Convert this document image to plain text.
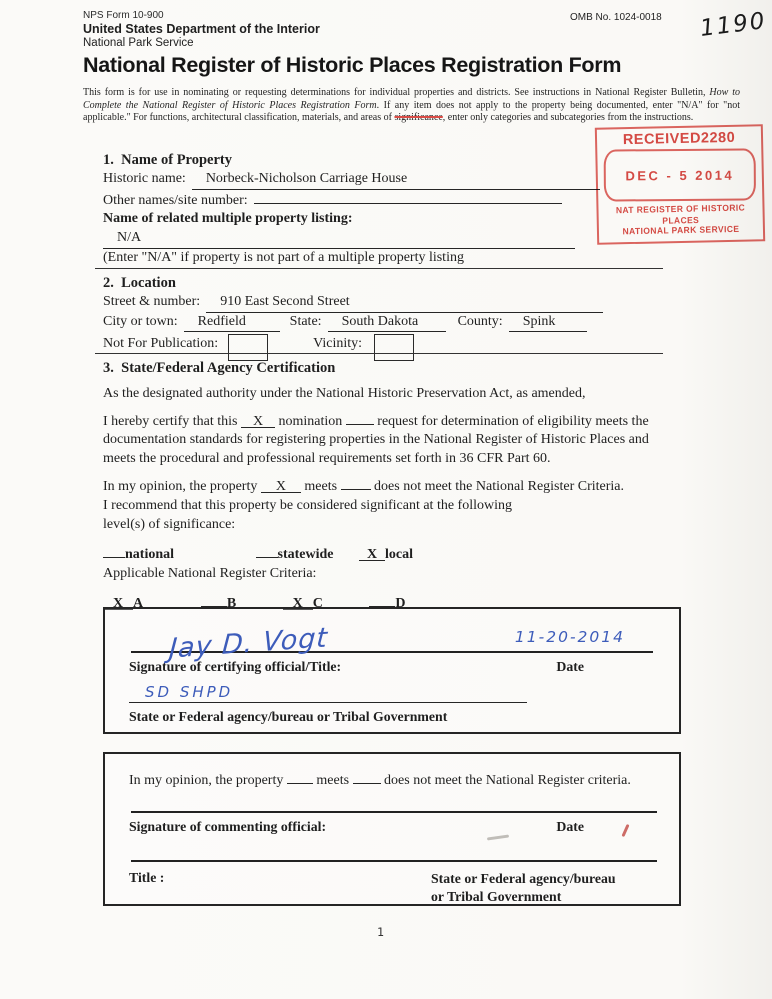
NPS Form 10-900
United States Department of the Interior
National Park Service
National Register of Historic Places Registration Form
OMB No. 1024-0018 1190
This form is for use in nominating or requesting determinations for individual properties and districts. See instructions in National Register Bulletin, How to Complete the National Register of Historic Places Registration Form. If any item does not apply to the property being documented, enter "N/A" for "not applicable." For functions, architectural classification, materials, and areas of significance, enter only categories and subcategories from the instructions.
RECEIVED2280
DEC - 5 2014
NAT REGISTER OF HISTORIC PLACES
NATIONAL PARK SERVICE
1.  Name of Property
Historic name:	Norbeck-Nicholson Carriage House
Other names/site number:
Name of related multiple property listing:
N/A
(Enter "N/A" if property is not part of a multiple property listing
2.  Location
Street & number:	910 East Second Street
City or town:	Redfield	State:	South Dakota	County:	Spink
Not For Publication:	Vicinity:
3.  State/Federal Agency Certification

As the designated authority under the National Historic Preservation Act, as amended,

I hereby certify that this X nomination	request for determination of eligibility meets the documentation standards for registering properties in the National Register of Historic Places and meets the procedural and professional requirements set forth in 36 CFR Part 60.

In my opinion, the property X meets	does not meet the National Register Criteria.
I recommend that this property be considered significant at the following
level(s) of significance:

national	statewide X local
Applicable National Register Criteria:
X A	B	X C	D
Jay D. Vogt	11-20-2014
Signature of certifying official/Title:	Date
SD SHPD
State or Federal agency/bureau or Tribal Government
In my opinion, the property meets	does not meet the National Register criteria.
Signature of commenting official:	Date
Title :	State or Federal agency/bureau
or Tribal Government
1
